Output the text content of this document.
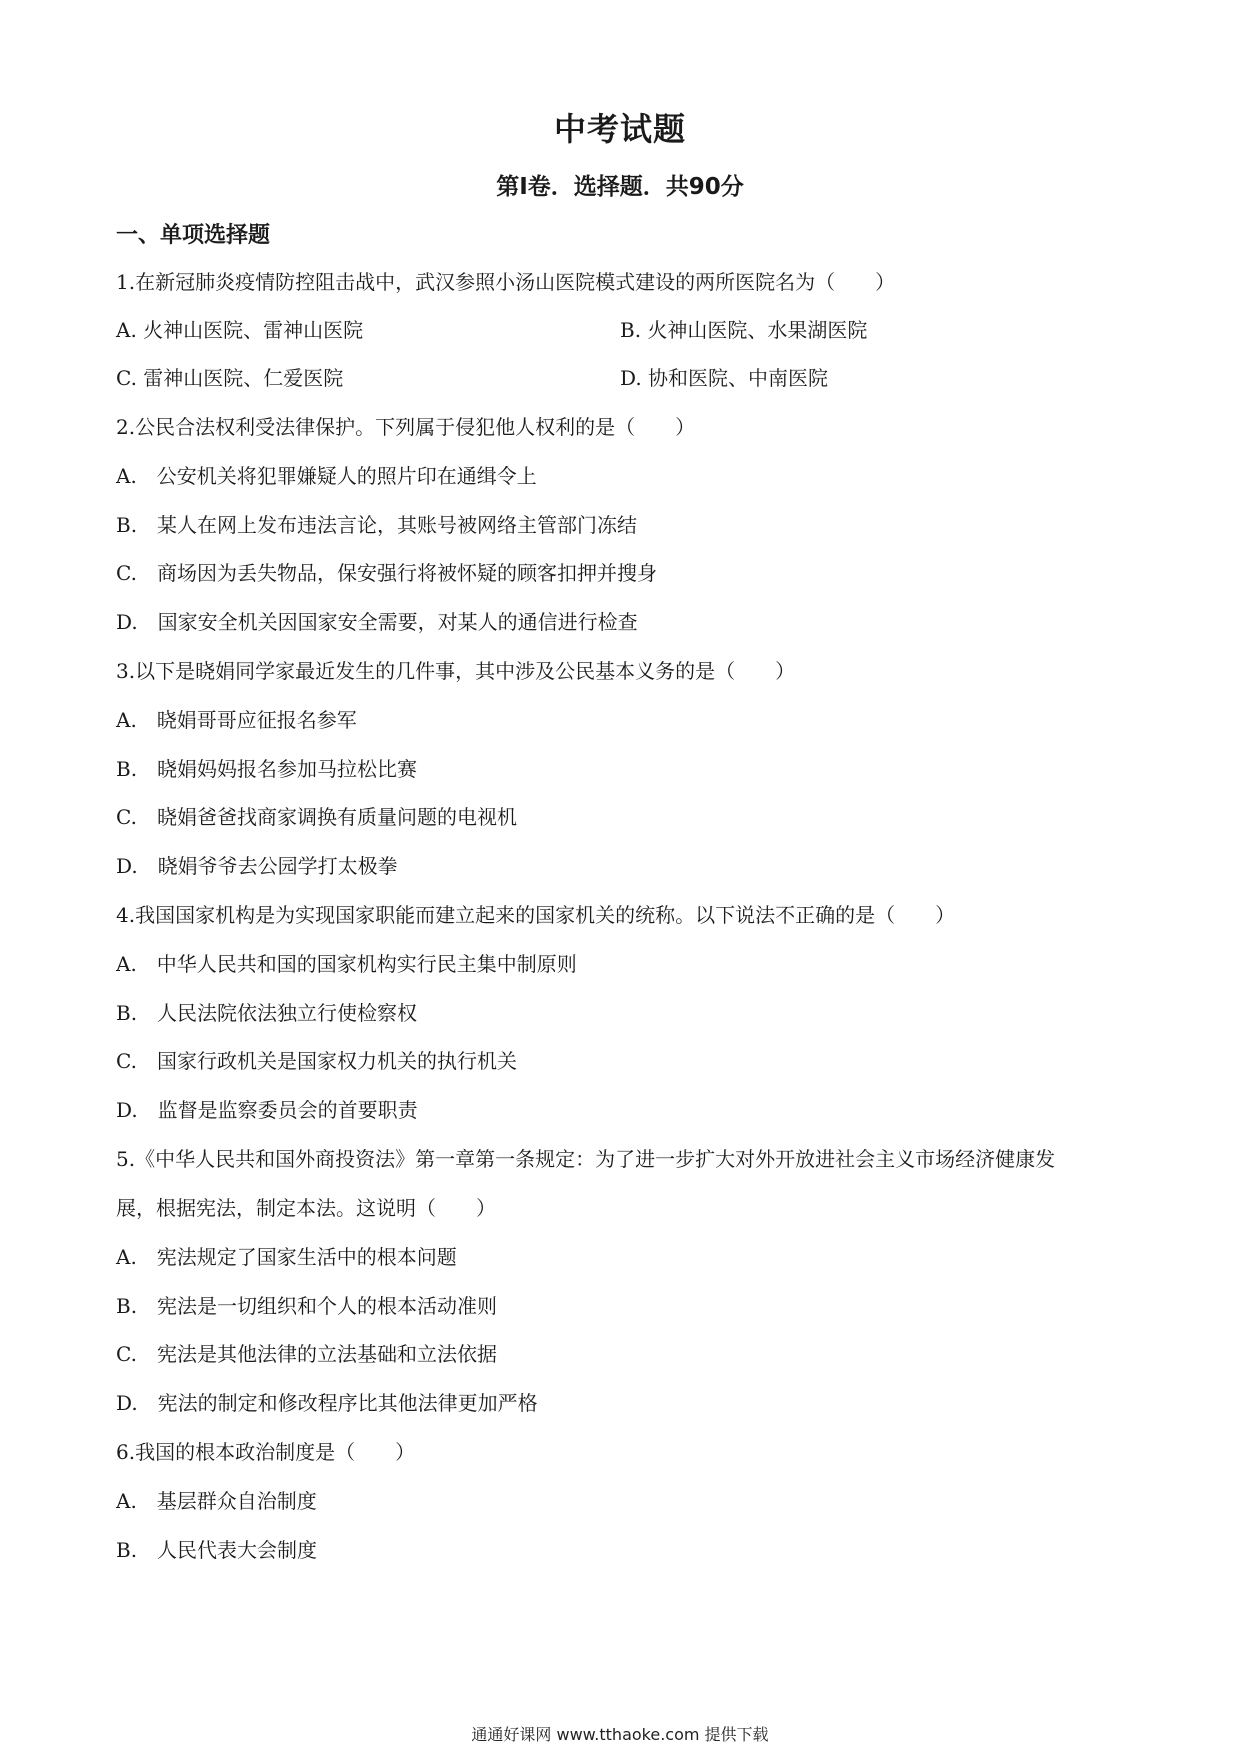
中考试题
第Ⅰ卷．选择题．共90分
一、单项选择题
1.在新冠肺炎疫情防控阻击战中，武汉参照小汤山医院模式建设的两所医院名为（　　）
A. 火神山医院、雷神山医院	B. 火神山医院、水果湖医院
C. 雷神山医院、仁爱医院	D. 协和医院、中南医院
2.公民合法权利受法律保护。下列属于侵犯他人权利的是（　　）
A.　公安机关将犯罪嫌疑人的照片印在通缉令上
B.　某人在网上发布违法言论，其账号被网络主管部门冻结
C.　商场因为丢失物品，保安强行将被怀疑的顾客扣押并搜身
D.　国家安全机关因国家安全需要，对某人的通信进行检查
3.以下是晓娟同学家最近发生的几件事，其中涉及公民基本义务的是（　　）
A.　晓娟哥哥应征报名参军
B.　晓娟妈妈报名参加马拉松比赛
C.　晓娟爸爸找商家调换有质量问题的电视机
D.　晓娟爷爷去公园学打太极拳
4.我国国家机构是为实现国家职能而建立起来的国家机关的统称。以下说法不正确的是（　　）
A.　中华人民共和国的国家机构实行民主集中制原则
B.　人民法院依法独立行使检察权
C.　国家行政机关是国家权力机关的执行机关
D.　监督是监察委员会的首要职责
5.《中华人民共和国外商投资法》第一章第一条规定：为了进一步扩大对外开放进社会主义市场经济健康发
展，根据宪法，制定本法。这说明（　　）
A.　宪法规定了国家生活中的根本问题
B.　宪法是一切组织和个人的根本活动准则
C.　宪法是其他法律的立法基础和立法依据
D.　宪法的制定和修改程序比其他法律更加严格
6.我国的根本政治制度是（　　）
A.　基层群众自治制度
B.　人民代表大会制度
通通好课网 www.tthaoke.com 提供下载
